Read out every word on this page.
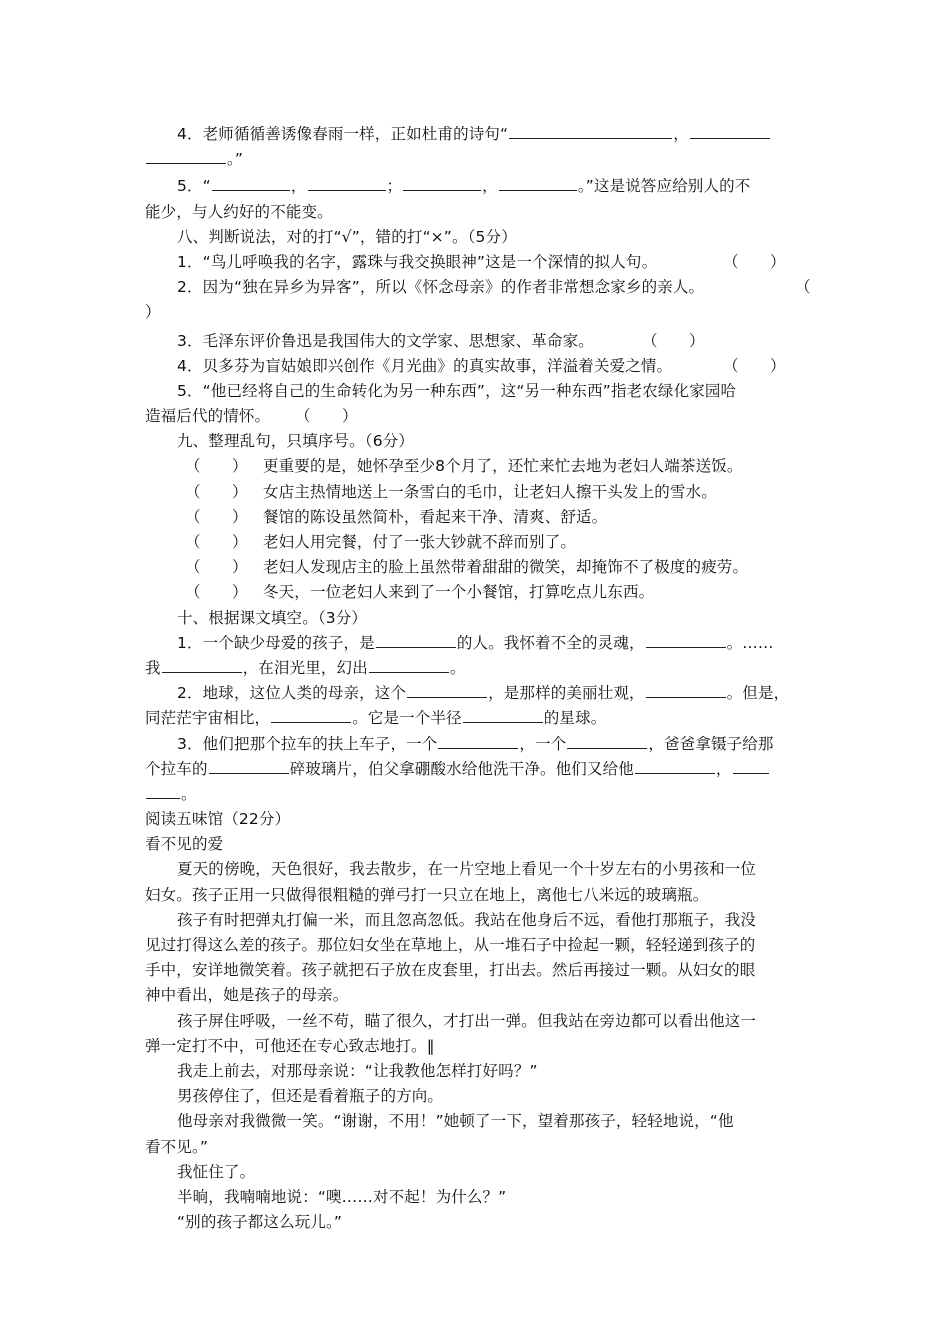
4．老师循循善诱像春雨一样，正如杜甫的诗句“	，
。”
5．“	，	；	，	。”这是说答应给别人的不
能少，与人约好的不能变。
八、判断说法，对的打“√”，错的打“×”。（5分）
1．“鸟儿呼唤我的名字，露珠与我交换眼神”这是一个深情的拟人句。	（　　）
2．因为“独在异乡为异客”，所以《怀念母亲》的作者非常想念家乡的亲人。	（
）
3．毛泽东评价鲁迅是我国伟大的文学家、思想家、革命家。	（　　）
4．贝多芬为盲姑娘即兴创作《月光曲》的真实故事，洋溢着关爱之情。	（　　）
5．“他已经将自己的生命转化为另一种东西”，这“另一种东西”指老农绿化家园哈
造福后代的情怀。 （　　）
九、整理乱句，只填序号。（6分）
（　　） 更重要的是，她怀孕至少8个月了，还忙来忙去地为老妇人端茶送饭。
（　　） 女店主热情地送上一条雪白的毛巾，让老妇人擦干头发上的雪水。
（　　） 餐馆的陈设虽然简朴，看起来干净、清爽、舒适。
（　　） 老妇人用完餐，付了一张大钞就不辞而别了。
（　　） 老妇人发现店主的脸上虽然带着甜甜的微笑，却掩饰不了极度的疲劳。
（　　） 冬天，一位老妇人来到了一个小餐馆，打算吃点儿东西。
十、根据课文填空。（3分）
1．一个缺少母爱的孩子，是	的人。我怀着不全的灵魂，	。……
我	，在泪光里，幻出	。
2．地球，这位人类的母亲，这个	，是那样的美丽壮观，	。但是，
同茫茫宇宙相比，	。它是一个半径	的星球。
3．他们把那个拉车的扶上车子，一个	，一个	，爸爸拿镊子给那
个拉车的	碎玻璃片，伯父拿硼酸水给他洗干净。他们又给他	，
。
阅读五味馆（22分）
看不见的爱
夏天的傍晚，天色很好，我去散步，在一片空地上看见一个十岁左右的小男孩和一位
妇女。孩子正用一只做得很粗糙的弹弓打一只立在地上，离他七八米远的玻璃瓶。
孩子有时把弹丸打偏一米，而且忽高忽低。我站在他身后不远，看他打那瓶子，我没
见过打得这么差的孩子。那位妇女坐在草地上，从一堆石子中捡起一颗，轻轻递到孩子的
手中，安详地微笑着。孩子就把石子放在皮套里，打出去。然后再接过一颗。从妇女的眼
神中看出，她是孩子的母亲。
孩子屏住呼吸，一丝不苟，瞄了很久，才打出一弹。但我站在旁边都可以看出他这一
弹一定打不中，可他还在专心致志地打。‖
我走上前去，对那母亲说：“让我教他怎样打好吗？”
男孩停住了，但还是看着瓶子的方向。
他母亲对我微微一笑。“谢谢，不用！”她顿了一下，望着那孩子，轻轻地说，“他
看不见。”
我怔住了。
半晌，我喃喃地说：“噢……对不起！为什么？”
“别的孩子都这么玩儿。”
